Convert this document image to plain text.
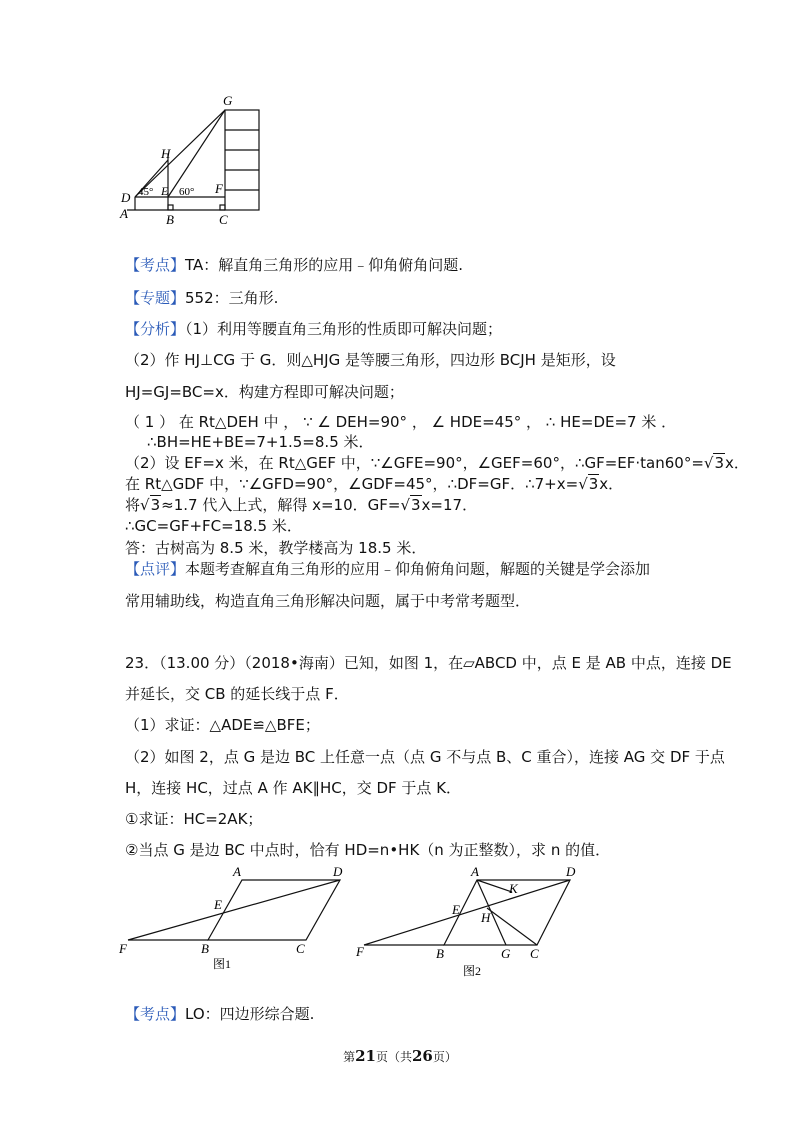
G
H
D
A
45° E 60° F
B	C
【考点】TA：解直角三角形的应用﹣仰角俯角问题.
【专题】552：三角形.
【分析】（1）利用等腰直角三角形的性质即可解决问题；
（2）作 HJ⊥CG 于 G．则△HJG 是等腰三角形，四边形 BCJH 是矩形，设
HJ=GJ=BC=x．构建方程即可解决问题；
（ 1 ） 在 Rt△DEH 中 ， ∵ ∠ DEH=90° ， ∠ HDE=45° ， ∴ HE=DE=7 米 ．
∴BH=HE+BE=7+1.5=8.5 米．
（2）设 EF=x 米，在 Rt△GEF 中，∵∠GFE=90°，∠GEF=60°，∴GF=EF·tan60°=√3x．
在 Rt△GDF 中，∵∠GFD=90°，∠GDF=45°，∴DF=GF．∴7+x=√3x．
将√3≈1.7 代入上式，解得 x=10．GF=√3x=17．
∴GC=GF+FC=18.5 米．
答：古树高为 8.5 米，教学楼高为 18.5 米．
【点评】本题考查解直角三角形的应用﹣仰角俯角问题，解题的关键是学会添加
常用辅助线，构造直角三角形解决问题，属于中考常考题型．
23．（13.00 分）（2018•海南）已知，如图 1，在▱ABCD 中，点 E 是 AB 中点，连接 DE
并延长，交 CB 的延长线于点 F．
（1）求证：△ADE≌△BFE；
（2）如图 2，点 G 是边 BC 上任意一点（点 G 不与点 B、C 重合），连接 AG 交 DF 于点
H，连接 HC，过点 A 作 AK∥HC，交 DF 于点 K．
①求证：HC=2AK；
②当点 G 是边 BC 中点时，恰有 HD=n•HK（n 为正整数），求 n 的值．
A	D
E
F	B	C
图1
A	D
K
E
H
F	B	G C
图2
【考点】LO：四边形综合题.
第21页（共26页）
